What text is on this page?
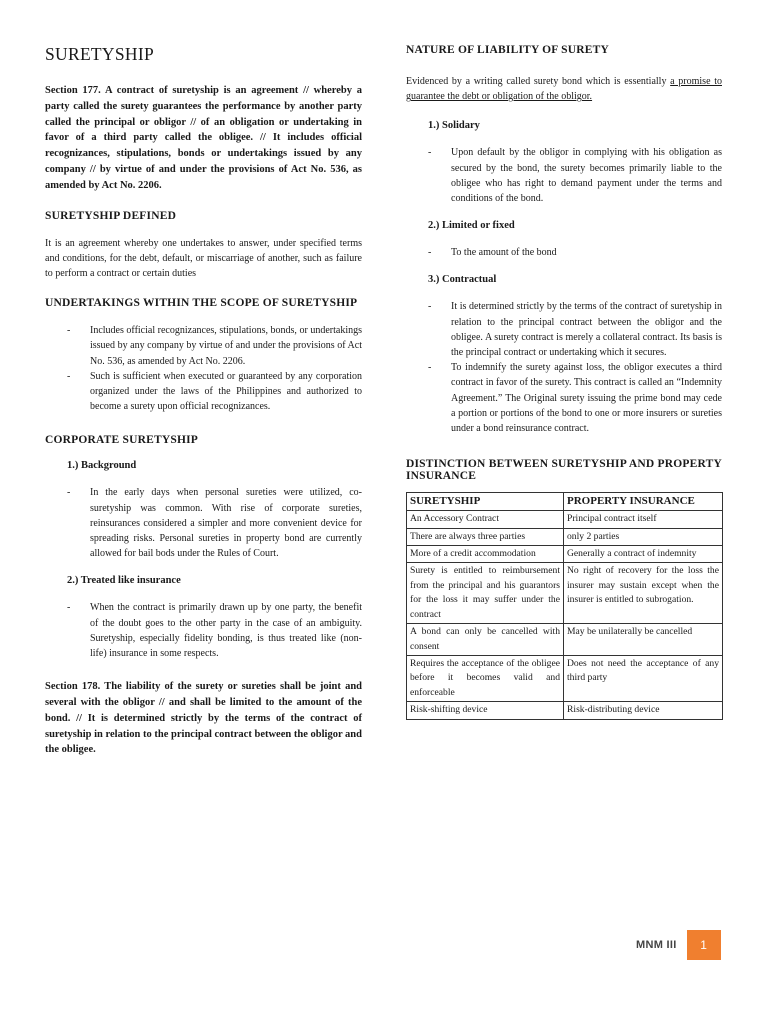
SURETYSHIP

Section 177. A contract of suretyship is an agreement // whereby a party called the surety guarantees the performance by another party called the principal or obligor // of an obligation or undertaking in favor of a third party called the obligee. // It includes official recognizances, stipulations, bonds or undertakings issued by any company // by virtue of and under the provisions of Act No. 536, as amended by Act No. 2206.

SURETYSHIP DEFINED

It is an agreement whereby one undertakes to answer, under specified terms and conditions, for the debt, default, or miscarriage of another, such as failure to perform a contract or certain duties

UNDERTAKINGS WITHIN THE SCOPE OF SURETYSHIP
- Includes official recognizances, stipulations, bonds, or undertakings issued by any company by virtue of and under the provisions of Act No. 536, as amended by Act No. 2206.
- Such is sufficient when executed or guaranteed by any corporation organized under the laws of the Philippines and authorized to become a surety upon official recognizances.
CORPORATE SURETYSHIP
1.) Background
- In the early days when personal sureties were utilized, co-suretyship was common. With rise of corporate sureties, reinsurances considered a simpler and more convenient device for spreading risks. Personal sureties in property bond are currently allowed for bail bods under the Rules of Court.
2.) Treated like insurance
- When the contract is primarily drawn up by one party, the benefit of the doubt goes to the other party in the case of an ambiguity. Suretyship, especially fidelity bonding, is thus treated like (non-life) insurance in some respects.

Section 178. The liability of the surety or sureties shall be joint and several with the obligor // and shall be limited to the amount of the bond. // It is determined strictly by the terms of the contract of suretyship in relation to the principal contract between the obligor and the obligee.

NATURE OF LIABILITY OF SURETY

Evidenced by a writing called surety bond which is essentially a promise to guarantee the debt or obligation of the obligor.

1.) Solidary
- Upon default by the obligor in complying with his obligation as secured by the bond, the surety becomes primarily liable to the obligee who has right to demand payment under the terms and conditions of the bond.
2.) Limited or fixed
- To the amount of the bond
3.) Contractual
- It is determined strictly by the terms of the contract of suretyship in relation to the principal contract between the obligor and the obligee. A surety contract is merely a collateral contract. Its basis is the principal contract or undertaking which it secures.
- To indemnify the surety against loss, the obligor executes a third contract in favor of the surety. This contract is called an “Indemnity Agreement.” The Original surety issuing the prime bond may cede a portion or portions of the bond to one or more insurers or sureties under a bond reinsurance contract.
DISTINCTION BETWEEN SURETYSHIP AND PROPERTY INSURANCE
SURETYSHIP	PROPERTY INSURANCE
An Accessory Contract	Principal contract itself
There are always three parties	only 2 parties
More of a credit accommodation	Generally a contract of indemnity
Surety is entitled to reimbursement from the principal and his guarantors for the loss it may suffer under the contract	No right of recovery for the loss the insurer may sustain except when the insurer is entitled to subrogation.
A bond can only be cancelled with consent	May be unilaterally be cancelled
Requires the acceptance of the obligee before it becomes valid and enforceable	Does not need the acceptance of any third party
Risk-shifting device	Risk-distributing device
MNM III	1
